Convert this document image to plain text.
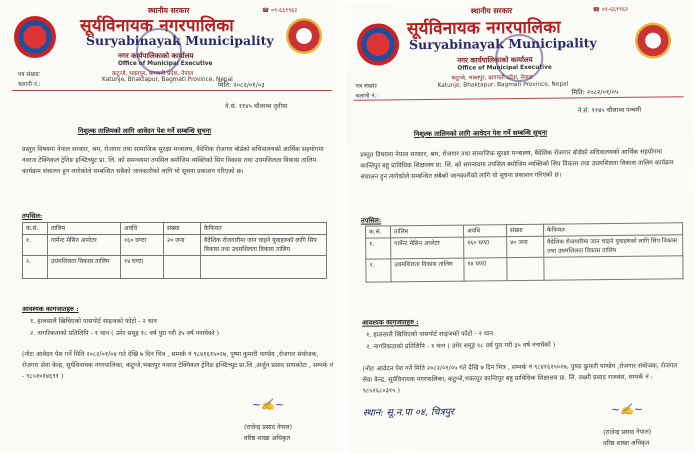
स्थानीय सरकार	☎ ०१-६६१९६२
सूर्यविनायक नगरपालिका
Suryabinayak Municipality
नगर कार्यपालिकाको कार्यालय
Office of Municipal Executive
कटुन्जे, भक्तपुर, बागमती प्रदेश, नेपाल
Katunje, Bhaktapur, Bagmati Province, Nepal
पत्र संख्याः
चलानी नं.:	मिति: २०८२/०१/०३
ने.सं. ११४५ चौलाथ्व तृतीया
निशुल्क तालिमको लागि आवेदन पेश गर्ने सम्बन्धि सूचना
प्रस्तुत विषयमा नेपाल सरकार, श्रम, रोजगार तथा सामाजिक सुरक्षा मन्त्रालय, वैदेशिक रोजगार बोर्डको सचिवालयको आर्थिक सहयोगमा नवरज टेक्निकल ट्रेनिङ इन्स्टिच्युट प्रा. लि. को समन्वयमा तपसिल बमोजिम व्यक्तिको सिप विकास तथा उधमशिलता विकास तालिम कार्यक्रम संचालन हुन लागेकोले सम्बन्धित सबैको जानकारीको लागि यो सूचना प्रकाशन गरिएको छ।
तपसिल:
क.सं.	तालिम	अवधि	संख्या	कैफियत
१.	गार्मेन्ट मेसिन अपरेटर	१६० घण्टा	२० जना	वैदेशिक रोजगारीमा जान चाहने युवाहरुको लागि सिप विकास तथा उधमशिलता विकास तालिम
२.	उधमशिलता विकास तालिम	१४ घण्टा		
आवश्यक कागजातहरु :
१. हालसालै खिचिएको पासपोर्ट साइजको फोटो - २ थान
२. नागरिकताको प्रतिलिपि - १ थान ( उमेर समूह १८ वर्ष पुरा गरी ३५ वर्ष ननाघेको )
(नोटः आवेदन पेश गर्ने मिति २०८२/०१/०४ गते देखि ७ दिन भित्र , सम्पर्क नं ९८४१६१५०२७, पुष्पा कुमारी पाण्डेय ,रोजगार संयोजक, रोजगार सेवा केन्द्र, सूर्यविनायक नगरपालिका, कटुन्जे,भक्तपुर नवरज टेक्निकल ट्रेनिङ इन्स्टिच्युट प्रा.लि ,अर्जुन प्रसाद सापकोटा , सम्पर्क नं - ९८५१०१४६९१ )
~✍~
(राजेन्द्र प्रसाद नेपाल)
वरिष्ठ शाखा अधिकृत
स्थानीय सरकार	☎ ०१-६६१९६२
सूर्यविनायक नगरपालिका
Suryabinayak Municipality
नगर कार्यपालिकाको कार्यालय
Office of Municipal Executive
कटुन्जे, भक्तपुर, बागमती प्रदेश, नेपाल
Katunje, Bhaktapur, Bagmati Province, Nepal
पत्र संख्याः
चलानी नं.:
मिति: २०८२/०१/०५
ने.सं. ११४५ चौलाथ्व पन्चमी
निशुल्क तालिमको लागि आवेदन पेश गर्ने सम्बन्धि सूचना
प्रस्तुत विषयमा नेपाल सरकार, श्रम, रोजगार तथा सामाजिक सुरक्षा मन्त्रालय, वैदेशिक रोजगार बोर्डको सचिवालयको आर्थिक सहयोगमा कान्तिपुर बहु प्राविधिक शिक्षालय प्रा. लि. को समन्वयमा तपसिल बमोजिम व्यक्तिको सिप विकास तथा उधमशिलता विकास तालिम कार्यक्रम संचालन हुन लागेकोले सम्बन्धित सबैको जानकारीको लागि यो सूचना प्रकाशन गरिएको छ।
तपसिल:
क.सं.	तालिम	अवधि	संख्या	कैफियत
१.	गार्मेन्ट मेसिन अपरेटर	१६० घण्टा	४० जना	वैदेशिक रोजगारीमा जान चाहने युवाहरुको लागि सिप विकास तथा उधमशिलता विकास तालिम
२.	उधमशिलता विकास तालिम	१४ घण्टा		
आवश्यक कागजातहरु :
१. हालसालै खिचिएको पासपोर्ट साइजको फोटो - २ थान
२. नागरिकताको प्रतिलिपि - १ थान ( उमेर समूह १८ वर्ष पुरा गरी ३५ वर्ष ननाघेको )
(नोटः आवेदन पेश गर्ने मिति २०८२/०१/०५ गते देखि ७ दिन भित्र , सम्पर्क नं ९८४१६१५०२७, पुष्पा कुमारी पाण्डेय ,रोजगार संयोजक, रोजगार सेवा केन्द्र, सूर्यविनायक नगरपालिका, कटुन्जे,भक्तपुर कान्तिपुर बहु प्राविधिक शिक्षालय प्रा. लि. लक्ष्मी प्रसाद राजवंश, सम्पर्क नं : ९८५१६८०३१५ )
स्थान: सू.न.पा ०४, चित्रपुर	~✍~
(राजेन्द्र प्रसाद नेपाल)
वरिष्ठ शाखा अधिकृत
